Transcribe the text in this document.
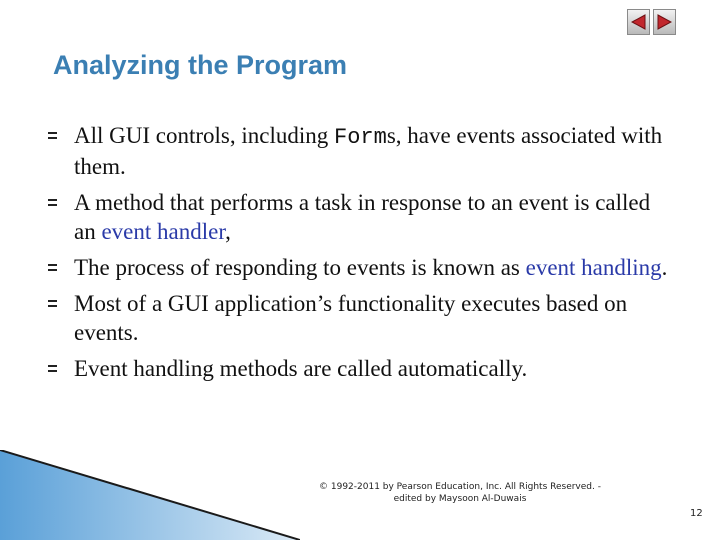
Analyzing the Program
All GUI controls, including Forms, have events associated with them.
A method that performs a task in response to an event is called an event handler,
The process of responding to events is known as event handling.
Most of a GUI application’s functionality executes based on events.
Event handling methods are called automatically.
© 1992-2011 by Pearson Education, Inc. All Rights Reserved. -
edited by Maysoon Al-Duwais
12
